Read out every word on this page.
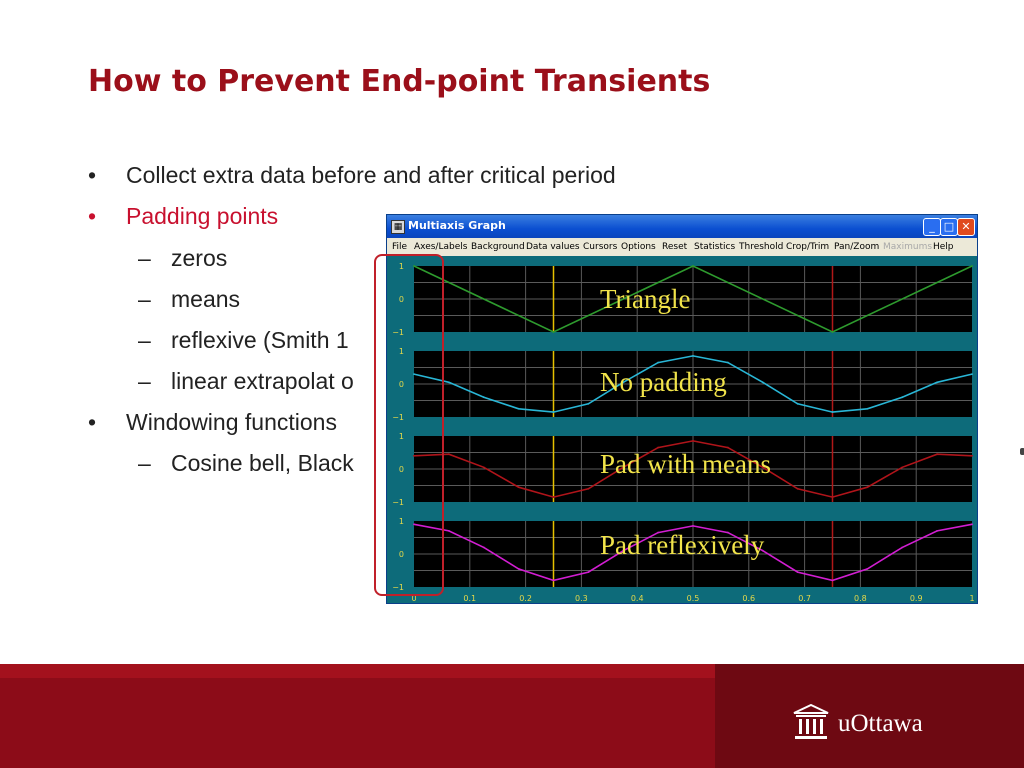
How to Prevent End-point Transients
• Collect extra data before and after critical period
• Padding points
– zeros
– means
– reflexive (Smith 1
– linear extrapolat o
• Windowing functions
– Cosine bell, Black
▦ Multiaxis Graph	_ □ ✕
File Axes/Labels Background Data values Cursors Options Reset Statistics Threshold Crop/Trim Pan/Zoom Maximums Help
1
0
−1
1
0
−1
1
0
−1
1
0
−1
0	0.1	0.2	0.3	0.4	0.5	0.6	0.7	0.8	0.9	1
Triangle
No padding
Pad with means
Pad reflexively
uOttawa
